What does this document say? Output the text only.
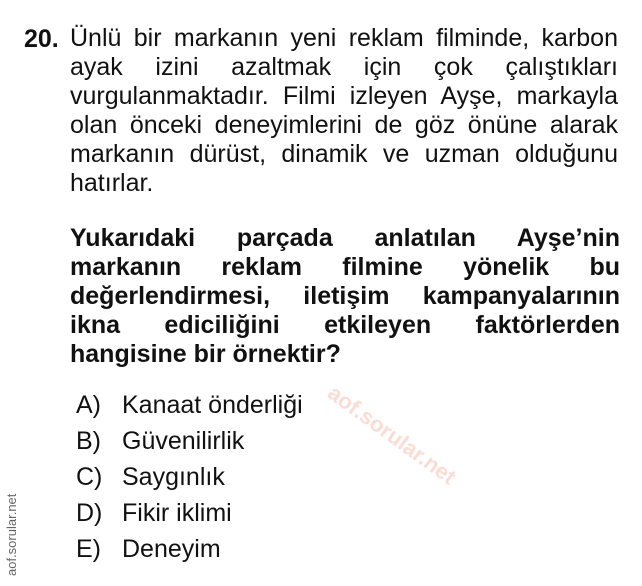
20. Ünlü bir markanın yeni reklam filminde, karbon ayak izini azaltmak için çok çalıştıkları vurgulanmaktadır. Filmi izleyen Ayşe, markayla olan önceki deneyimlerini de göz önüne alarak markanın dürüst, dinamik ve uzman olduğunu hatırlar.

Yukarıdaki parçada anlatılan Ayşe’nin markanın reklam filmine yönelik bu değerlendirmesi, iletişim kampanyalarının ikna ediciliğini etkileyen faktörlerden hangisine bir örnektir?

A) Kanaat önderliği
B) Güvenilirlik
C) Saygınlık
D) Fikir iklimi
E) Deneyim
aof.sorular.net
aof.sorular.net
